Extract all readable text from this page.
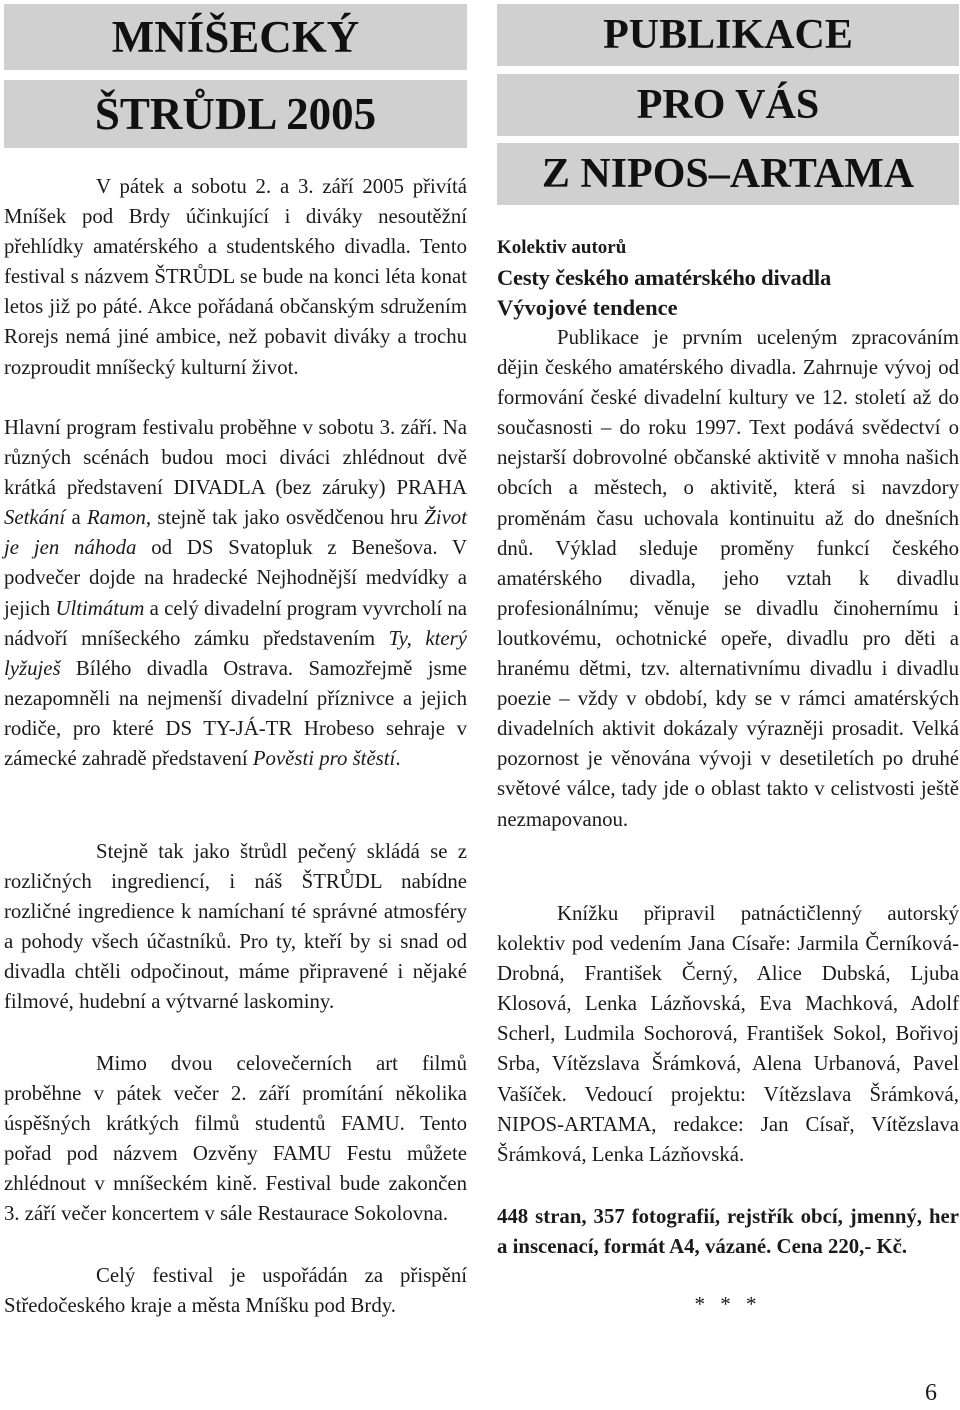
MNÍŠECKÝ
ŠTRŮDL 2005

V pátek a sobotu 2. a 3. září 2005 přivítá Mníšek pod Brdy účinkující i diváky nesoutěžní přehlídky amatérského a studentského divadla. Tento festival s názvem ŠTRŮDL se bude na konci léta konat letos již po páté. Akce pořádaná občanským sdružením Rorejs nemá jiné ambice, než pobavit diváky a trochu rozproudit mníšecký kulturní život.

Hlavní program festivalu proběhne v sobotu 3. září. Na různých scénách budou moci diváci zhlédnout dvě krátká představení DIVADLA (bez záruky) PRAHA Setkání a Ramon, stejně tak jako osvědčenou hru Život je jen náhoda od DS Svatopluk z Benešova. V podvečer dojde na hradecké Nejhodnější medvídky a jejich Ultimátum a celý divadelní program vyvrcholí na nádvoří mníšeckého zámku představením Ty, který lyžuješ Bílého divadla Ostrava. Samozřejmě jsme nezapomněli na nejmenší divadelní příznivce a jejich rodiče, pro které DS TY-JÁ-TR Hrobeso sehraje v zámecké zahradě představení Pověsti pro štěstí.

Stejně tak jako štrůdl pečený skládá se z rozličných ingrediencí, i náš ŠTRŮDL nabídne rozličné ingredience k namíchaní té správné atmosféry a pohody všech účastníků. Pro ty, kteří by si snad od divadla chtěli odpočinout, máme připravené i nějaké filmové, hudební a výtvarné laskominy.

Mimo dvou celovečerních art filmů proběhne v pátek večer 2. září promítání několika úspěšných krátkých filmů studentů FAMU. Tento pořad pod názvem Ozvěny FAMU Festu můžete zhlédnout v mníšeckém kině. Festival bude zakončen 3. září večer koncertem v sále Restaurace Sokolovna.

Celý festival je uspořádán za přispění Středočeského kraje a města Mníšku pod Brdy.

PUBLIKACE
PRO VÁS
Z NIPOS–ARTAMA

Kolektiv autorů

Cesty českého amatérského divadla

Vývojové tendence

Publikace je prvním uceleným zpracováním dějin českého amatérského divadla. Zahrnuje vývoj od formování české divadelní kultury ve 12. století až do současnosti – do roku 1997. Text podává svědectví o nejstarší dobrovolné občanské aktivitě v mnoha našich obcích a městech, o aktivitě, která si navzdory proměnám času uchovala kontinuitu až do dnešních dnů. Výklad sleduje proměny funkcí českého amatérského divadla, jeho vztah k divadlu profesionálnímu; věnuje se divadlu činohernímu i loutkovému, ochotnické opeře, divadlu pro děti a hranému dětmi, tzv. alternativnímu divadlu i divadlu poezie – vždy v období, kdy se v rámci amatérských divadelních aktivit dokázaly výrazněji prosadit. Velká pozornost je věnována vývoji v desetiletích po druhé světové válce, tady jde o oblast takto v celistvosti ještě nezmapovanou.

Knížku připravil patnáctičlenný autorský kolektiv pod vedením Jana Císaře: Jarmila Černíková-Drobná, František Černý, Alice Dubská, Ljuba Klosová, Lenka Lázňovská, Eva Machková, Adolf Scherl, Ludmila Sochorová, František Sokol, Bořivoj Srba, Vítězslava Šrámková, Alena Urbanová, Pavel Vašíček. Vedoucí projektu: Vítězslava Šrámková, NIPOS-ARTAMA, redakce: Jan Císař, Vítězslava Šrámková, Lenka Lázňovská.

448 stran, 357 fotografií, rejstřík obcí, jmenný, her a inscenací, formát A4, vázané. Cena 220,- Kč.

* * *
6
